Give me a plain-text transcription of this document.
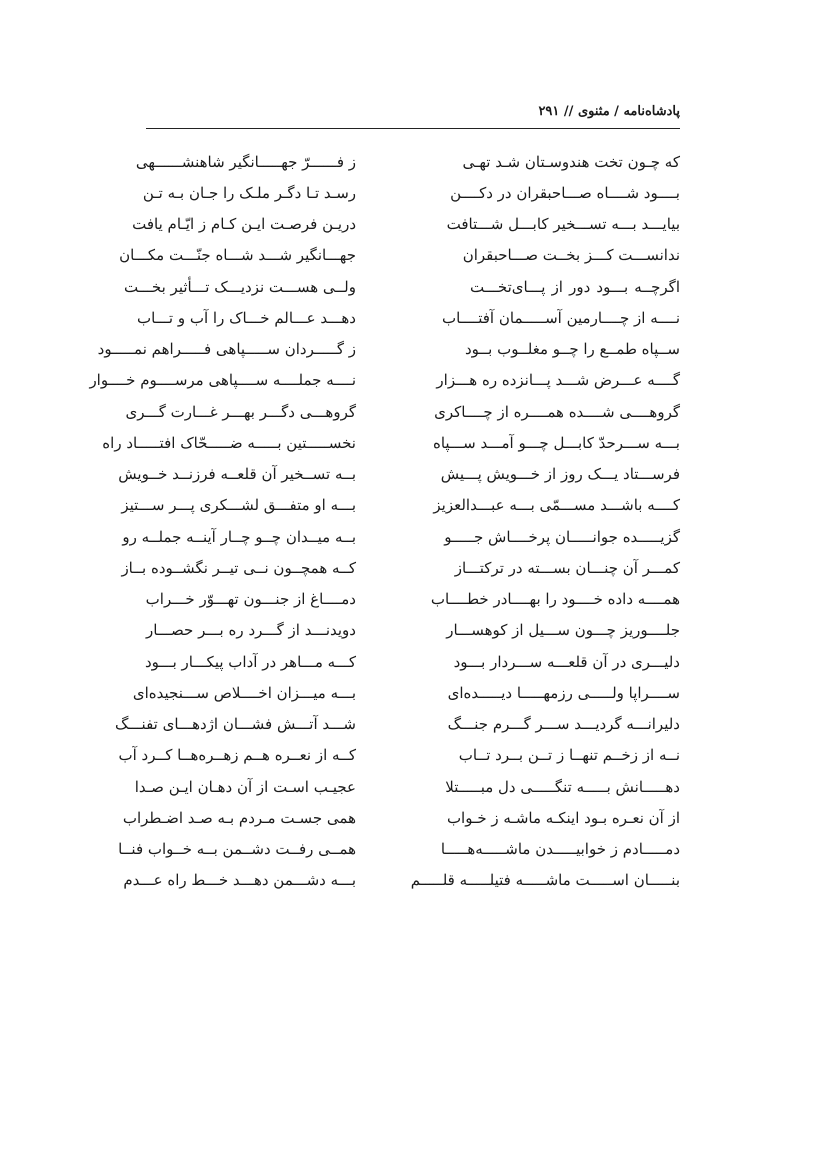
پادشاه‌نامه / مثنوی // ۲۹۱
که چـون تخت هندوسـتان شـد تهـی
ز فــــــرّ جهـــــانگیر شاهنشــــــهی
بــــود شــــاه صـــاحبقران در دکــــن
رسـد تـا دگـر ملـک را جـان بـه تـن
بیایـــد بـــه تســـخیر کابـــل شـــتافت
دریـن فرصـت ایـن کـام ز ایّـام یافت
ندانســـت کـــز بخــت صـــاحبقران
جهـــانگیر شـــد شـــاه جنّـــت مکـــان
اگرچــه بـــود دور از پـــای‌تخـــت
ولــی هســـت نزدیـــک تـــأثیر بخـــت
نــــه از چــــارمین آســـــمان آفتــــاب
دهـــد عـــالم خـــاک را آب و تـــاب
ســپاه طمــع را چــو مغلــوب بــود
ز گـــــردان ســـــپاهی فـــــراهم نمـــــود
گــــه عـــرض شـــد پـــانزده ره هـــزار
نــــه جملــــه ســــپاهی مرســــوم خــــوار
گروهــــی شــــده همــــره از چــــاکری
گروهـــی دگـــر بهـــر غـــارت گـــری
بـــه ســـرحدّ کابـــل چـــو آمـــد ســـپاه
نخســـــتین بـــــه ضـــــحّاک افتـــــاد راه
فرســـتاد یـــک روز از خـــویش پـــیش
بــه تســخیر آن قلعــه فرزنــد خــویش
کــــه باشـــد مســـمّی بـــه عبـــدالعزیز
بـــه او متفـــق لشـــکری پـــر ســـتیز
گزیـــــده جوانـــــان پرخــــاش جـــــو
بــه میــدان چــو چــار آینــه جملــه رو
کمـــر آن چنـــان بســـته در ترکتـــاز
کــه همچــون نــی تیــر نگشــوده بــاز
همــــه داده خــــود را بهــــادر خطــــاب
دمــــاغ از جنـــون تهـــوّر خـــراب
جلــــوریز چـــون ســـیل از کوهســـار
دویدنـــد از گـــرد ره بـــر حصـــار
دلیـــری در آن قلعـــه ســـردار بـــود
کـــه مـــاهر در آداب پیکـــار بـــود
ســــراپا ولـــــی رزمهـــــا دیـــــده‌ای
بـــه میـــزان اخــــلاص ســـنجیده‌ای
دلیرانـــه گردیـــد ســـر گـــرم جنـــگ
شـــد آتـــش فشـــان اژدهـــای تفنـــگ
نــه از زخــم تنهــا ز تــن بــرد تــاب
کــه از نعــره هــم زهــره‌هــا کــرد آب
دهـــــانش بـــــه تنگـــــی دل مبـــــتلا
عجیـب اسـت از آن دهـان ایـن صـدا
از آن نعـره بـود اینکـه ماشـه ز خـواب
همی جسـت مـردم بـه صـد اضـطراب
دمـــــادم ز خوابیـــــدن ماشـــــه‌هـــــا
همــی رفــت دشــمن بــه خــواب فنــا
بنـــــان اســـــت ماشـــــه فتیلـــــه قلـــــم
بـــه دشـــمن دهـــد خـــط راه عـــدم
